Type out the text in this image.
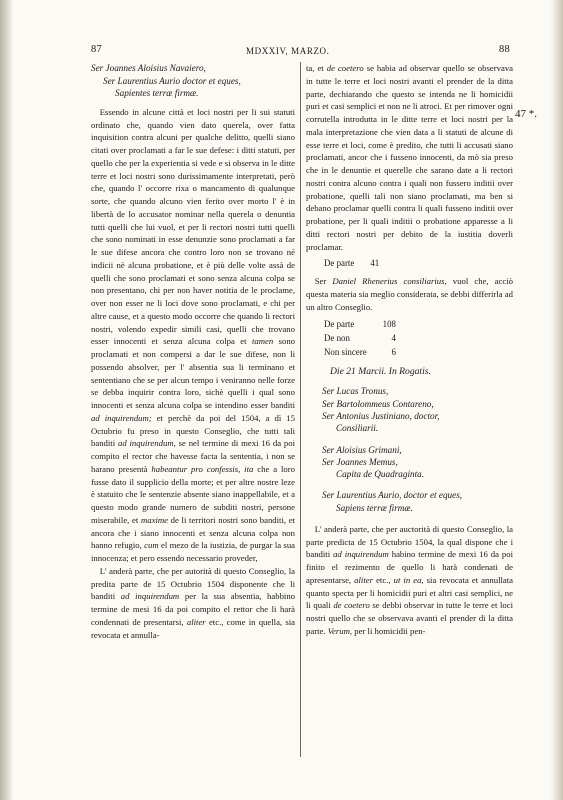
87	MDXXIV, MARZO.	88
47 *.
Ser Joannes Aloisius Navaiero,
Ser Laurentius Aurio doctor et eques,
Sapientes terræ firmæ.

 Essendo in alcune città et loci nostri per li sui statuti ordinato che, quando vien dato querela, over fatta inquisition contra alcuni per qualche delitto, quelli siano citati over proclamati a far le sue defese: i ditti statuti, per quello che per la experientia si vede e si observa in le ditte terre et loci nostri sono durissimamente interpretati, però che, quando l' occorre rixa o mancamento di qualunque sorte, che quando alcuno vien ferito over morto l' è in libertà de lo accusator nominar nella querela o denuntia tutti quelli che lui vuol, et per li rectori nostri tutti quelli che sono nominati in esse denunzie sono proclamati a far le sue difese ancora che contro loro non se trovano nè indicii nè alcuna probatione, et è più delle volte assà de quelli che sono proclamati et sono senza alcuna colpa se non presentano, chi per non haver notitia de le proclame, over non esser ne li loci dove sono proclamati, e chi per altre cause, et a questo modo occorre che quando li rectori nostri, volendo expedir simili casi, quelli che trovano esser innocenti et senza alcuna colpa et tamen sono proclamati et non compersi a dar le sue difese, non li possendo absolver, per l' absentia sua li terminano et sententiano che se per alcun tempo i veniranno nelle forze se debba inquirir contra loro, sichè quelli i qual sono innocenti et senza alcuna colpa se intendino esser banditi ad inquirendum; et perchè da poi del 1504, a dì 15 Octubrio fu preso in questo Conseglio, che tutti tali banditi ad inquirendum, se nel termine di mexi 16 da poi compito el rector che havesse facta la sententia, i non se harano presentà habeantur pro confessis, ita che a loro fusse dato il supplicio della morte; et per altre nostre leze è statuito che le sentenzie absente siano inappellabile, et a questo modo grande numero de subditi nostri, persone miserabile, et maxime de li territori nostri sono banditi, et ancora che i siano innocenti et senza alcuna colpa non hanno refugio, cum el mezo de la iustizia, de purgar la sua innocenza; et pero essendo necessario proveder,

 L' anderà parte, che per autorità di questo Conseglio, la predita parte de 15 Octubrio 1504 disponente che li banditi ad inquirendum per la sua absentia, habbino termine de mesi 16 da poi compito el rettor che li harà condennati de presentarsi, aliter etc., come in quella, sia revocata et annulla-

ta, et de coetero se habia ad observar quello se observava in tutte le terre et loci nostri avanti el prender de la ditta parte, dechiarando che questo se intenda ne li homicidii puri et casi semplici et non ne li atroci. Et per rimover ogni corrutella introdutta in le ditte terre et loci nostri per la mala interpretazione che vien data a li statuti de alcune di esse terre et loci, come è predito, che tutti li accusati siano proclamati, ancor che i fusseno innocenti, da mò sia preso che in le denuntie et querelle che sarano date a li rectori nostri contra alcuno contra i quali non fussero inditii over probatione, quelli tali non siano proclamati, ma ben si debano proclamar quelli contra li quali fusseno inditii over probatione, per li quali inditii o probatione apparesse a li ditti rectori nostri per debito de la iustitia doverli proclamar.

De parte	41

 Ser Daniel Rhenerius consiliarius, vuol che, acciò questa materia sia meglio considerata, se debbi differirla ad un altro Conseglio.

De parte	108
De non	4
Non sincere	6
Die 21 Marcii. In Rogatis.
Ser Lucas Tronus,
Ser Bartolommeus Contareno,
Ser Antonius Justiniano, doctor,
Consiliarii.
Ser Aloisius Grimani,
Ser Joannes Memus,
Capita de Quadraginta.
Ser Laurentius Aurio, doctor et eques,
Sapiens terræ firmæ.

 L' anderà parte, che per auctorità di questo Conseglio, la parte predicta de 15 Octubrio 1504, la qual dispone che i banditi ad inquirendum habino termine de mexi 16 da poi finito el rezimento de quello li harà condenati de apresentarse, aliter etc., ut in ea, sia revocata et annullata quanto specta per li homicidii puri et altri casi semplici, ne li quali de coetero se debbi observar in tutte le terre et loci nostri quello che se observava avanti el prender di la ditta parte. Verum, per li homicidii pen-
